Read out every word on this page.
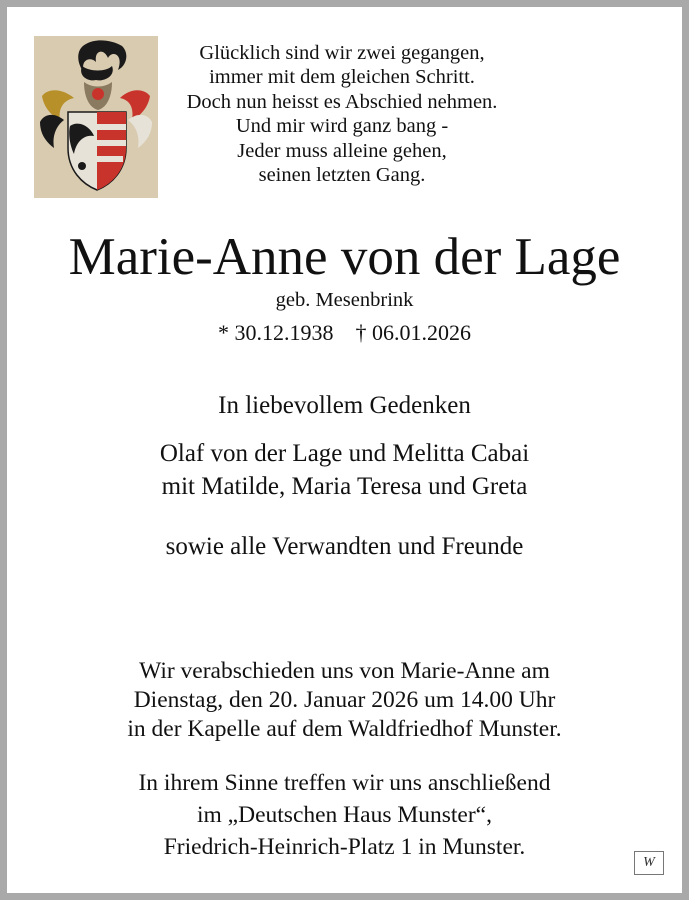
Glücklich sind wir zwei gegangen,
immer mit dem gleichen Schritt.
Doch nun heisst es Abschied nehmen.
Und mir wird ganz bang -
Jeder muss alleine gehen,
seinen letzten Gang.
Marie-Anne von der Lage
geb. Mesenbrink
* 30.12.1938 † 06.01.2026
In liebevollem Gedenken
Olaf von der Lage und Melitta Cabai
mit Matilde, Maria Teresa und Greta
sowie alle Verwandten und Freunde
Wir verabschieden uns von Marie-Anne am
Dienstag, den 20. Januar 2026 um 14.00 Uhr
in der Kapelle auf dem Waldfriedhof Munster.
In ihrem Sinne treffen wir uns anschließend
im „Deutschen Haus Munster“,
Friedrich-Heinrich-Platz 1 in Munster.
W
